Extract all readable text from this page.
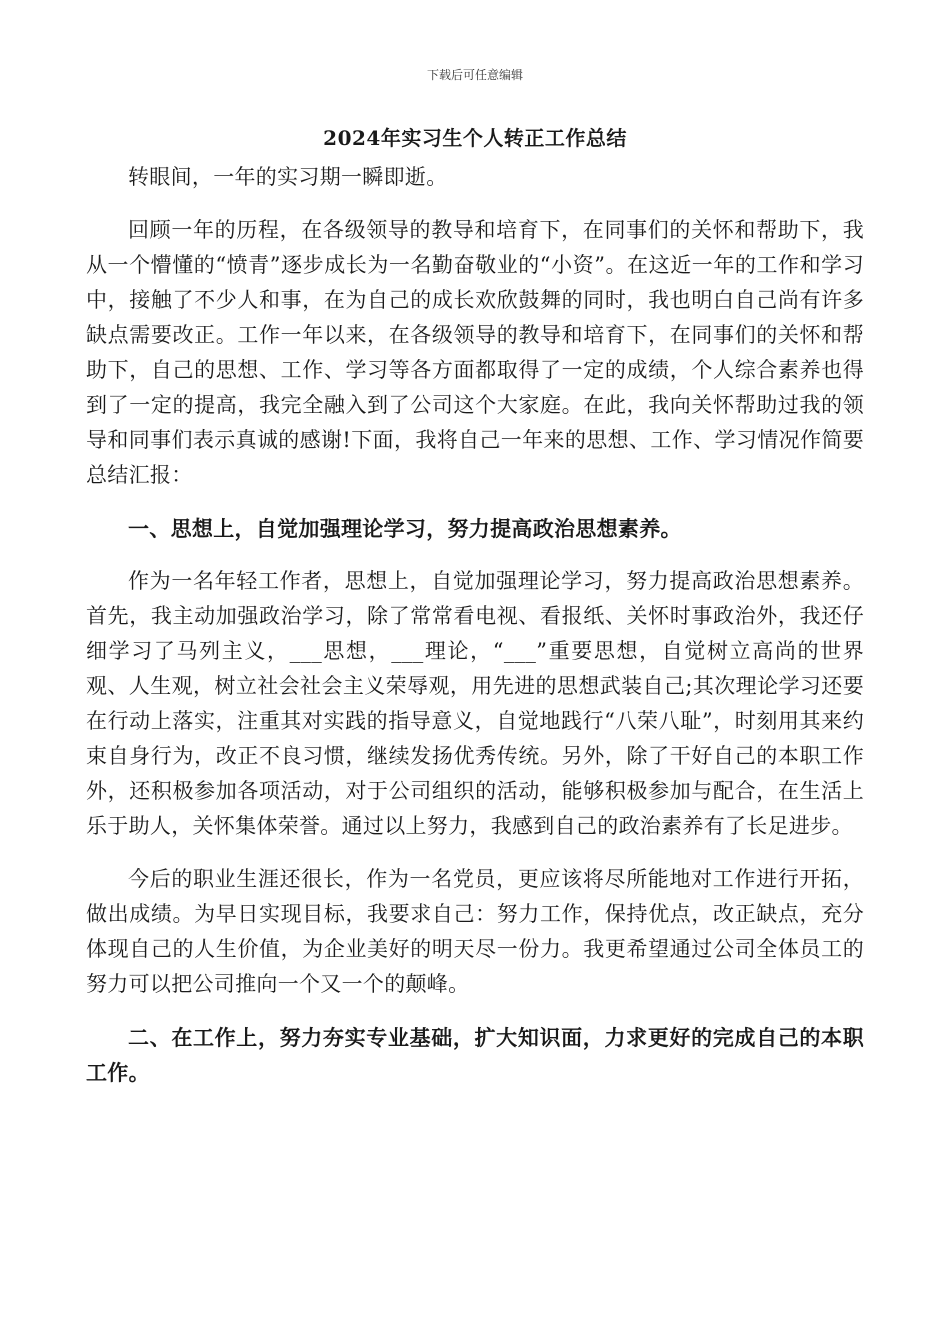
下载后可任意编辑
2024年实习生个人转正工作总结

转眼间，一年的实习期一瞬即逝。

回顾一年的历程，在各级领导的教导和培育下，在同事们的关怀和帮助下，我从一个懵懂的“愤青”逐步成长为一名勤奋敬业的“小资”。在这近一年的工作和学习中，接触了不少人和事，在为自己的成长欢欣鼓舞的同时，我也明白自己尚有许多缺点需要改正。工作一年以来，在各级领导的教导和培育下，在同事们的关怀和帮助下，自己的思想、工作、学习等各方面都取得了一定的成绩，个人综合素养也得到了一定的提高，我完全融入到了公司这个大家庭。在此，我向关怀帮助过我的领导和同事们表示真诚的感谢!下面，我将自己一年来的思想、工作、学习情况作简要总结汇报：

一、思想上，自觉加强理论学习，努力提高政治思想素养。

作为一名年轻工作者，思想上，自觉加强理论学习，努力提高政治思想素养。首先，我主动加强政治学习，除了常常看电视、看报纸、关怀时事政治外，我还仔细学习了马列主义，___思想，___理论，“___”重要思想，自觉树立高尚的世界观、人生观，树立社会社会主义荣辱观，用先进的思想武装自己;其次理论学习还要在行动上落实，注重其对实践的指导意义，自觉地践行“八荣八耻”，时刻用其来约束自身行为，改正不良习惯，继续发扬优秀传统。另外，除了干好自己的本职工作外，还积极参加各项活动，对于公司组织的活动，能够积极参加与配合，在生活上乐于助人，关怀集体荣誉。通过以上努力，我感到自己的政治素养有了长足进步。

今后的职业生涯还很长，作为一名党员，更应该将尽所能地对工作进行开拓，做出成绩。为早日实现目标，我要求自己：努力工作，保持优点，改正缺点，充分体现自己的人生价值，为企业美好的明天尽一份力。我更希望通过公司全体员工的努力可以把公司推向一个又一个的颠峰。

二、在工作上，努力夯实专业基础，扩大知识面，力求更好的完成自己的本职工作。
